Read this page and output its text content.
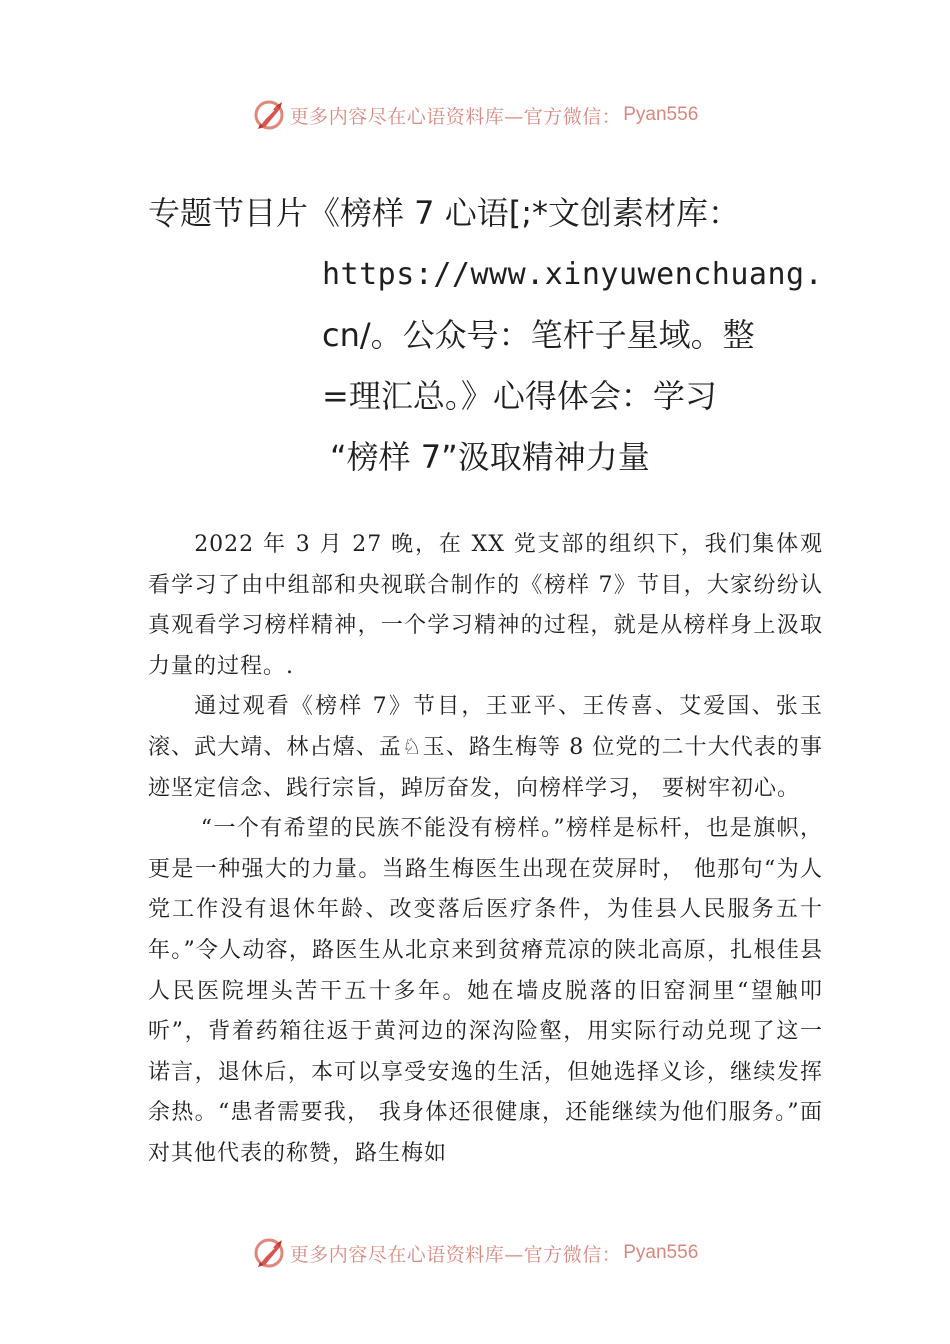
更多内容尽在心语资料库—官方微信： Pyan556
专题节目片《榜样 7 心语[;*文创素材库：
https://www.xinyuwenchuang.
cn/。公众号：笔杆子星域。整
=理汇总。》心得体会：学习
“榜样 7”汲取精神力量

2022 年 3 月 27 晚，在 XX 党支部的组织下，我们集体观看学习了由中组部和央视联合制作的《榜样 7》节目，大家纷纷认真观看学习榜样精神，一个学习精神的过程，就是从榜样身上汲取力量的过程。.

通过观看《榜样 7》节目，王亚平、王传喜、艾爱国、张玉滚、武大靖、林占熺、孟♘玉、路生梅等 8 位党的二十大代表的事迹坚定信念、践行宗旨，踔厉奋发，向榜样学习， 要树牢初心。

“一个有希望的民族不能没有榜样。”榜样是标杆，也是旗帜，更是一种强大的力量。当路生梅医生出现在荧屏时， 他那句“为人党工作没有退休年龄、改变落后医疗条件，为佳县人民服务五十年。”令人动容，路医生从北京来到贫瘠荒凉的陕北高原，扎根佳县人民医院埋头苦干五十多年。她在墙皮脱落的旧窑洞里“望触叩听”，背着药箱往返于黄河边的深沟险壑，用实际行动兑现了这一诺言，退休后，本可以享受安逸的生活，但她选择义诊，继续发挥余热。“患者需要我， 我身体还很健康，还能继续为他们服务。”面对其他代表的称赞，路生梅如

更多内容尽在心语资料库—官方微信： Pyan556
